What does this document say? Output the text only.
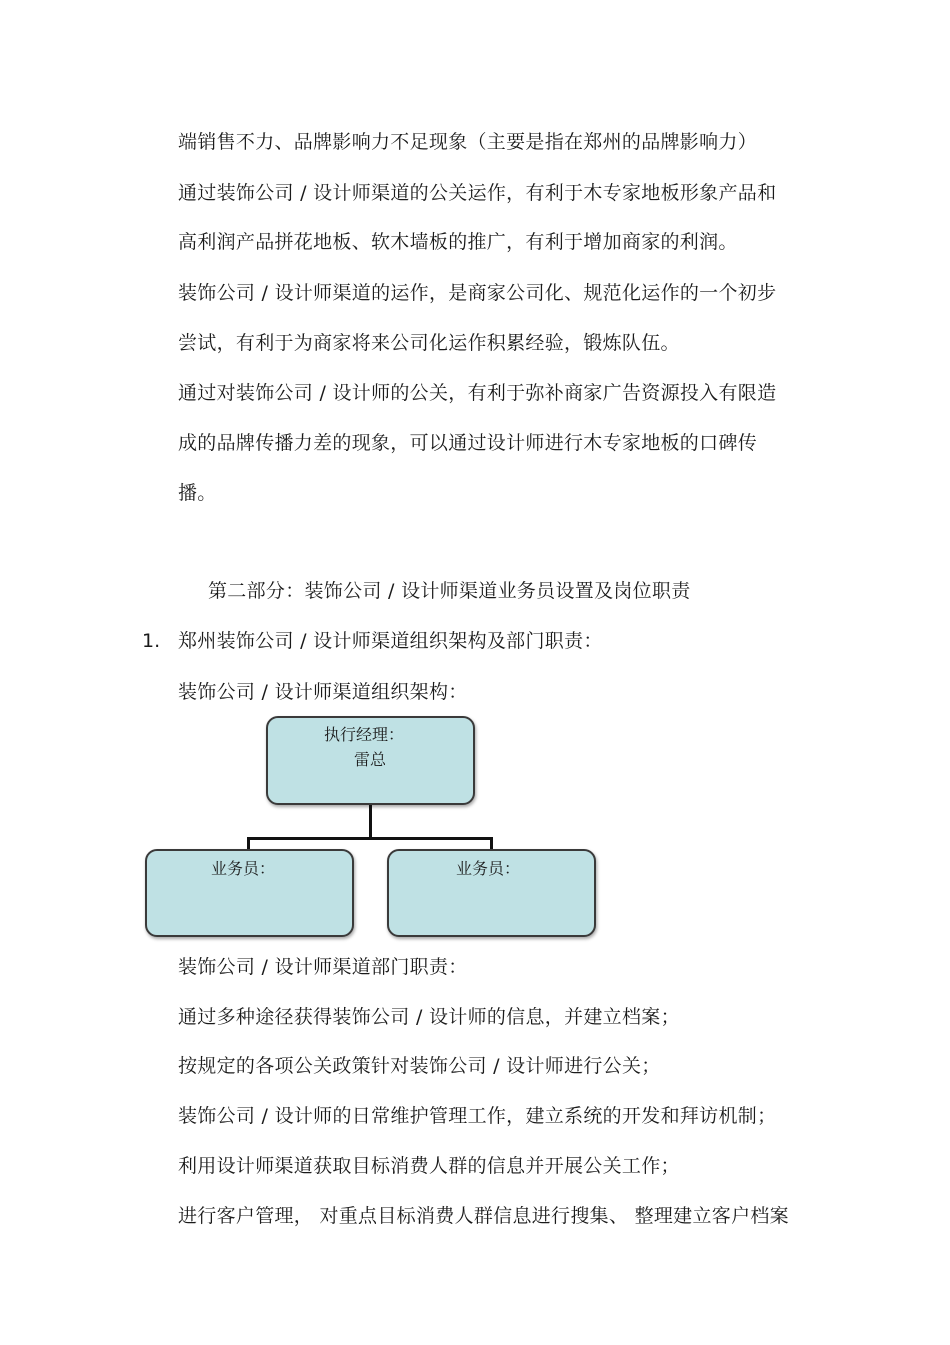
端销售不力、品牌影响力不足现象（主要是指在郑州的品牌影响力）
通过装饰公司 / 设计师渠道的公关运作，有利于木专家地板形象产品和
高利润产品拼花地板、软木墙板的推广，有利于增加商家的利润。
装饰公司 / 设计师渠道的运作，是商家公司化、规范化运作的一个初步
尝试，有利于为商家将来公司化运作积累经验，锻炼队伍。
通过对装饰公司 / 设计师的公关，有利于弥补商家广告资源投入有限造
成的品牌传播力差的现象，可以通过设计师进行木专家地板的口碑传
播。
第二部分：装饰公司 / 设计师渠道业务员设置及岗位职责
1. 郑州装饰公司 / 设计师渠道组织架构及部门职责：
装饰公司 / 设计师渠道组织架构：
执行经理：
雷总
业务员：	业务员：
装饰公司 / 设计师渠道部门职责：
通过多种途径获得装饰公司 / 设计师的信息，并建立档案；
按规定的各项公关政策针对装饰公司 / 设计师进行公关；
装饰公司 / 设计师的日常维护管理工作，建立系统的开发和拜访机制；
利用设计师渠道获取目标消费人群的信息并开展公关工作；
进行客户管理， 对重点目标消费人群信息进行搜集、 整理建立客户档案
